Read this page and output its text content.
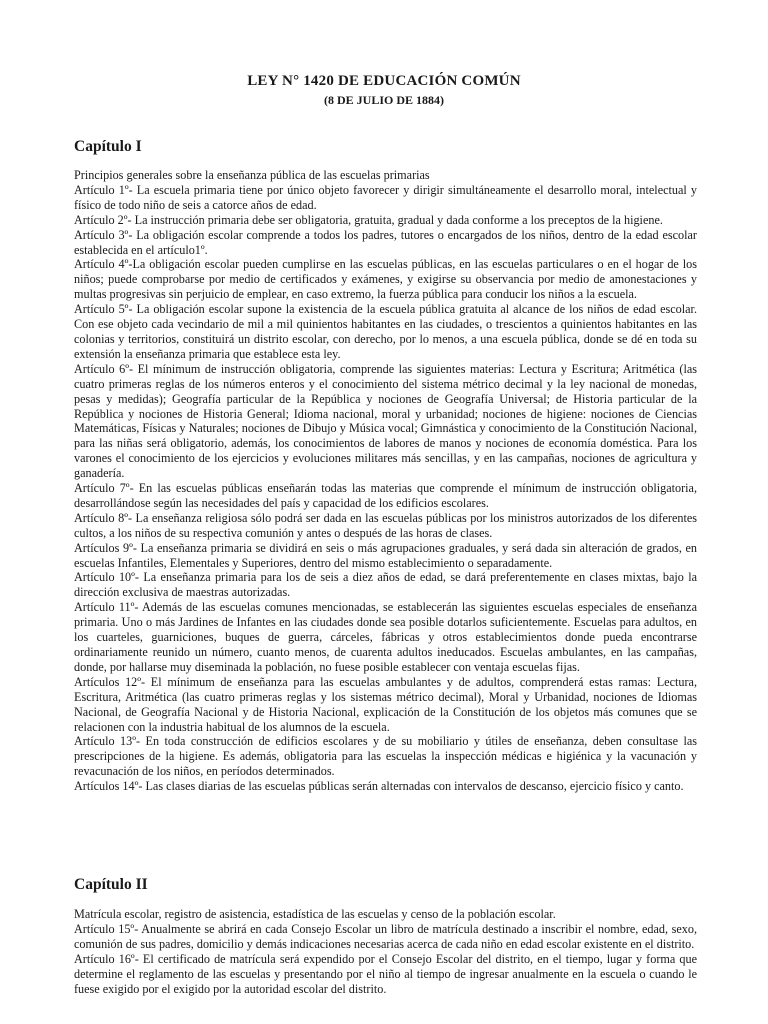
LEY N° 1420 DE EDUCACIÓN COMÚN
(8 DE JULIO DE 1884)
Capítulo I

Principios generales sobre la enseñanza pública de las escuelas primarias

Artículo 1º- La escuela primaria tiene por único objeto favorecer y dirigir simultáneamente el desarrollo moral, intelectual y físico de todo niño de seis a catorce años de edad.

Artículo 2º- La instrucción primaria debe ser obligatoria, gratuita, gradual y dada conforme a los preceptos de la higiene.

Artículo 3º- La obligación escolar comprende a todos los padres, tutores o encargados de los niños, dentro de la edad escolar establecida en el artículo1º.

Artículo 4º-La obligación escolar pueden cumplirse en las escuelas públicas, en las escuelas particulares o en el hogar de los niños; puede comprobarse por medio de certificados y exámenes, y exigirse su observancia por medio de amonestaciones y multas progresivas sin perjuicio de emplear, en caso extremo, la fuerza pública para conducir los niños a la escuela.

Artículo 5º- La obligación escolar supone la existencia de la escuela pública gratuita al alcance de los niños de edad escolar. Con ese objeto cada vecindario de mil a mil quinientos habitantes en las ciudades, o trescientos a quinientos habitantes en las colonias y territorios, constituirá un distrito escolar, con derecho, por lo menos, a una escuela pública, donde se dé en toda su extensión la enseñanza primaria que establece esta ley.

Artículo 6º- El mínimum de instrucción obligatoria, comprende las siguientes materias: Lectura y Escritura; Aritmética (las cuatro primeras reglas de los números enteros y el conocimiento del sistema métrico decimal y la ley nacional de monedas, pesas y medidas); Geografía particular de la República y nociones de Geografía Universal; de Historia particular de la República y nociones de Historia General; Idioma nacional, moral y urbanidad; nociones de higiene: nociones de Ciencias Matemáticas, Físicas y Naturales; nociones de Dibujo y Música vocal; Gimnástica y conocimiento de la Constitución Nacional, para las niñas será obligatorio, además, los conocimientos de labores de manos y nociones de economía doméstica. Para los varones el conocimiento de los ejercicios y evoluciones militares más sencillas, y en las campañas, nociones de agricultura y ganadería.

Artículo 7º- En las escuelas públicas enseñarán todas las materias que comprende el mínimum de instrucción obligatoria, desarrollándose según las necesidades del país y capacidad de los edificios escolares.

Artículo 8º- La enseñanza religiosa sólo podrá ser dada en las escuelas públicas por los ministros autorizados de los diferentes cultos, a los niños de su respectiva comunión y antes o después de las horas de clases.

Artículos 9º- La enseñanza primaria se dividirá en seis o más agrupaciones graduales, y será dada sin alteración de grados, en escuelas Infantiles, Elementales y Superiores, dentro del mismo establecimiento o separadamente.

Artículo 10º- La enseñanza primaria para los de seis a diez años de edad, se dará preferentemente en clases mixtas, bajo la dirección exclusiva de maestras autorizadas.

Artículo 11º- Además de las escuelas comunes mencionadas, se establecerán las siguientes escuelas especiales de enseñanza primaria. Uno o más Jardines de Infantes en las ciudades donde sea posible dotarlos suficientemente. Escuelas para adultos, en los cuarteles, guarniciones, buques de guerra, cárceles, fábricas y otros establecimientos donde pueda encontrarse ordinariamente reunido un número, cuanto menos, de cuarenta adultos ineducados. Escuelas ambulantes, en las campañas, donde, por hallarse muy diseminada la población, no fuese posible establecer con ventaja escuelas fijas.

Artículos 12º- El mínimum de enseñanza para las escuelas ambulantes y de adultos, comprenderá estas ramas: Lectura, Escritura, Aritmética (las cuatro primeras reglas y los sistemas métrico decimal), Moral y Urbanidad, nociones de Idiomas Nacional, de Geografía Nacional y de Historia Nacional, explicación de la Constitución de los objetos más comunes que se relacionen con la industria habitual de los alumnos de la escuela.

Artículo 13º- En toda construcción de edificios escolares y de su mobiliario y útiles de enseñanza, deben consultase las prescripciones de la higiene. Es además, obligatoria para las escuelas la inspección médicas e higiénica y la vacunación y revacunación de los niños, en períodos determinados.

Artículos 14º- Las clases diarias de las escuelas públicas serán alternadas con intervalos de descanso, ejercicio físico y canto.

Capítulo II

Matrícula escolar, registro de asistencia, estadística de las escuelas y censo de la población escolar.

Artículo 15º- Anualmente se abrirá en cada Consejo Escolar un libro de matrícula destinado a inscribir el nombre, edad, sexo, comunión de sus padres, domicilio y demás indicaciones necesarias acerca de cada niño en edad escolar existente en el distrito.

Artículo 16º- El certificado de matrícula será expendido por el Consejo Escolar del distrito, en el tiempo, lugar y forma que determine el reglamento de las escuelas y presentando por el niño al tiempo de ingresar anualmente en la escuela o cuando le fuese exigido por el exigido por la autoridad escolar del distrito.
